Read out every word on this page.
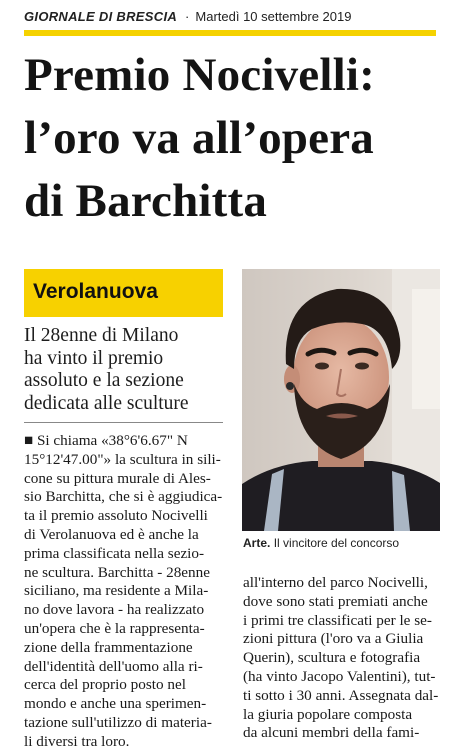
GIORNALE DI BRESCIA · Martedì 10 settembre 2019
Premio Nocivelli:
l’oro va all’opera
di Barchitta
Verolanuova
Il 28enne di Milano
ha vinto il premio
assoluto e la sezione
dedicata alle sculture
■ Si chiama «38°6'6.67" N
15°12'47.00"» la scultura in sili-
cone su pittura murale di Ales-
sio Barchitta, che si è aggiudica-
ta il premio assoluto Nocivelli
di Verolanuova ed è anche la
prima classificata nella sezio-
ne scultura. Barchitta - 28enne
siciliano, ma residente a Mila-
no dove lavora - ha realizzato
un'opera che è la rappresenta-
zione della frammentazione
dell'identità dell'uomo alla ri-
cerca del proprio posto nel
mondo e anche una sperimen-
tazione sull'utilizzo di materia-
li diversi tra loro.
Arte. Il vincitore del concorso
all'interno del parco Nocivelli,
dove sono stati premiati anche
i primi tre classificati per le se-
zioni pittura (l'oro va a Giulia
Querin), scultura e fotografia
(ha vinto Jacopo Valentini), tut-
ti sotto i 30 anni. Assegnata dal-
la giuria popolare composta
da alcuni membri della fami-
